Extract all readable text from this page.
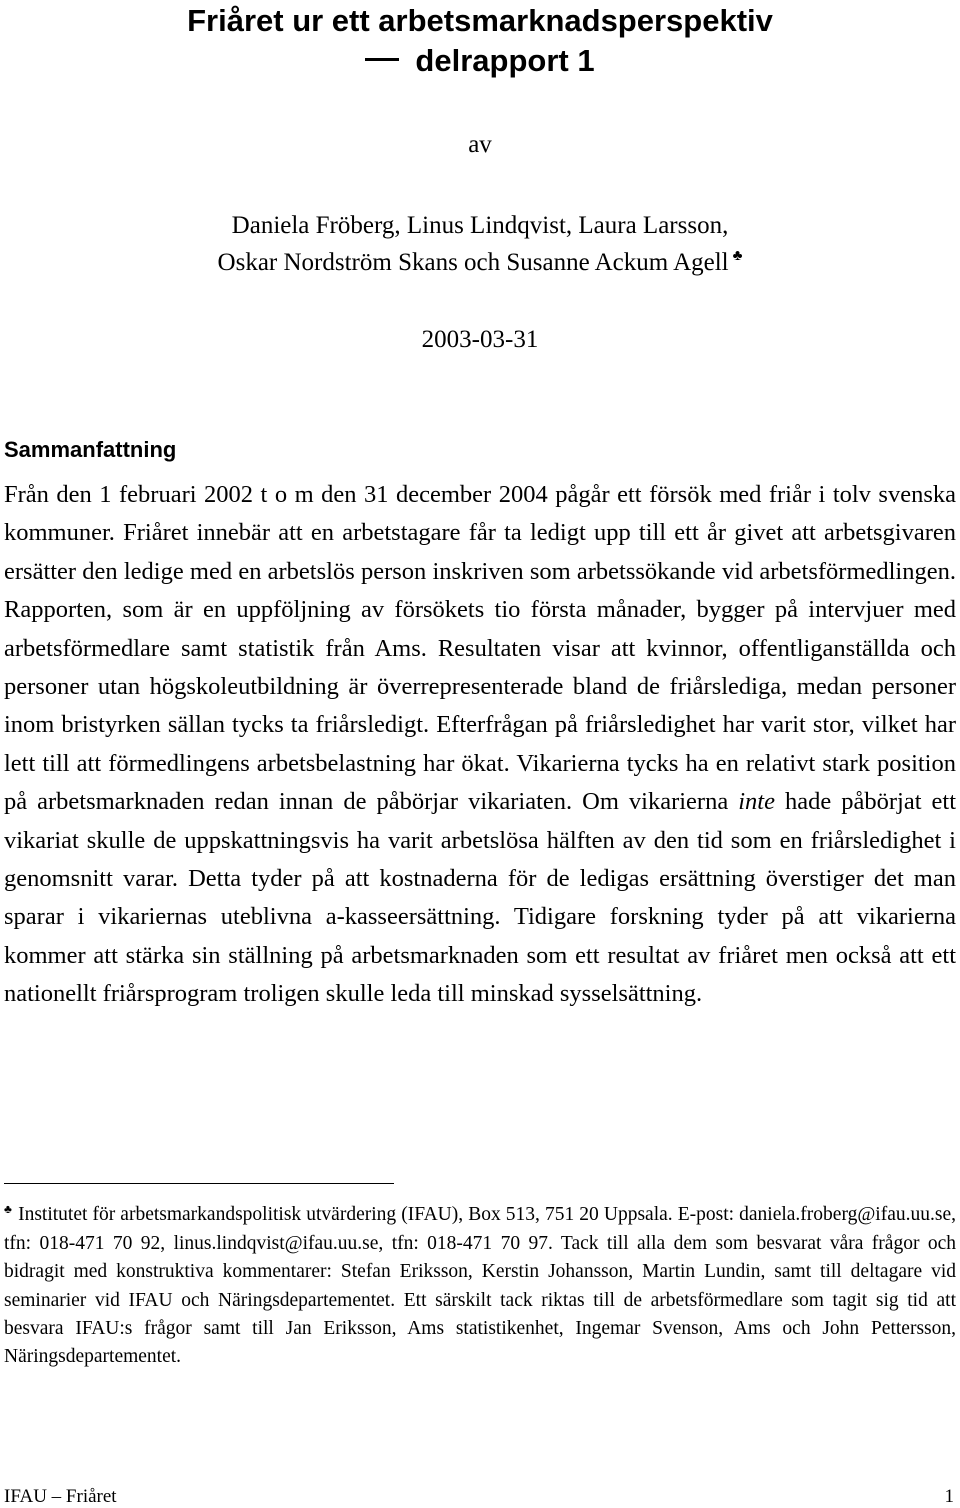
Friåret ur ett arbetsmarknadsperspektiv
delrapport 1
av
Daniela Fröberg, Linus Lindqvist, Laura Larsson,
Oskar Nordström Skans och Susanne Ackum Agell ♣
2003-03-31
Sammanfattning

Från den 1 februari 2002 t o m den 31 december 2004 pågår ett försök med friår i tolv svenska kommuner. Friåret innebär att en arbetstagare får ta ledigt upp till ett år givet att arbetsgivaren ersätter den ledige med en arbetslös person inskriven som arbetssökande vid arbetsförmedlingen. Rapporten, som är en uppföljning av försökets tio första månader, bygger på intervjuer med arbetsförmedlare samt statistik från Ams. Resultaten visar att kvinnor, offentliganställda och personer utan högskoleutbildning är överrepresenterade bland de friårslediga, medan personer inom bristyrken sällan tycks ta friårsledigt. Efterfrågan på friårsledighet har varit stor, vilket har lett till att förmedlingens arbetsbelastning har ökat. Vikarierna tycks ha en relativt stark position på arbetsmarknaden redan innan de påbörjar vikariaten. Om vikarierna inte hade påbörjat ett vikariat skulle de uppskattningsvis ha varit arbetslösa hälften av den tid som en friårsledighet i genomsnitt varar. Detta tyder på att kostnaderna för de ledigas ersättning överstiger det man sparar i vikariernas uteblivna a-kasseersättning. Tidigare forskning tyder på att vikarierna kommer att stärka sin ställning på arbetsmarknaden som ett resultat av friåret men också att ett nationellt friårsprogram troligen skulle leda till minskad sysselsättning.

♣ Institutet för arbetsmarkandspolitisk utvärdering (IFAU), Box 513, 751 20 Uppsala. E-post: daniela.froberg@ifau.uu.se, tfn: 018-471 70 92, linus.lindqvist@ifau.uu.se, tfn: 018-471 70 97. Tack till alla dem som besvarat våra frågor och bidragit med konstruktiva kommentarer: Stefan Eriksson, Kerstin Johansson, Martin Lundin, samt till deltagare vid seminarier vid IFAU och Näringsdepartementet. Ett särskilt tack riktas till de arbetsförmedlare som tagit sig tid att besvara IFAU:s frågor samt till Jan Eriksson, Ams statistikenhet, Ingemar Svenson, Ams och John Pettersson, Näringsdepartementet.

IFAU – Friåret	1
